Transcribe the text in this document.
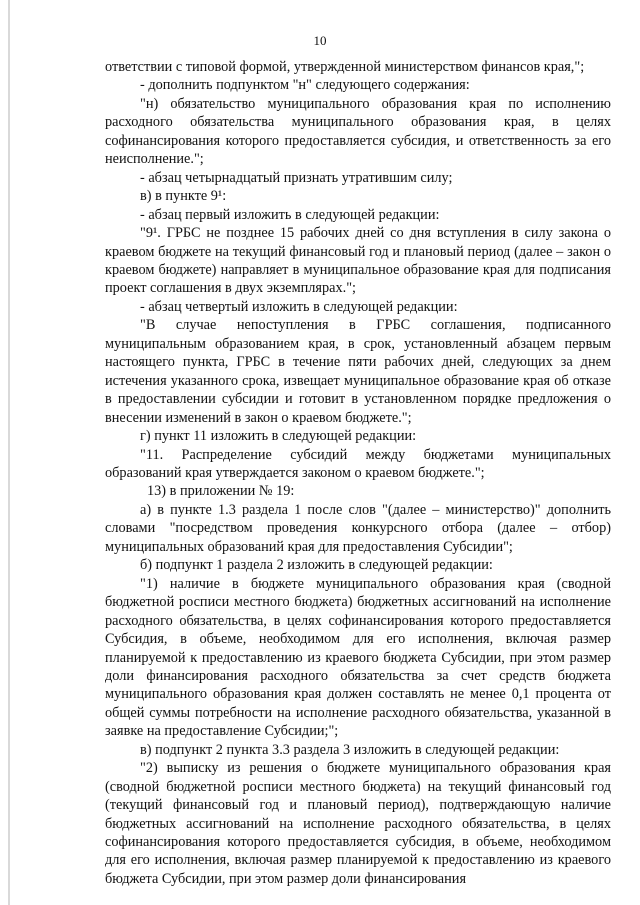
10

ответствии с типовой формой, утвержденной министерством финансов края,";

- дополнить подпунктом "н" следующего содержания:

"н) обязательство муниципального образования края по исполнению расходного обязательства муниципального образования края, в целях софинансирования которого предоставляется субсидия, и ответственность за его неисполнение.";

- абзац четырнадцатый признать утратившим силу;

в) в пункте 9¹:

- абзац первый изложить в следующей редакции:

"9¹. ГРБС не позднее 15 рабочих дней со дня вступления в силу закона о краевом бюджете на текущий финансовый год и плановый период (далее – закон о краевом бюджете) направляет в муниципальное образование края для подписания проект соглашения в двух экземплярах.";

- абзац четвертый изложить в следующей редакции:

"В случае непоступления в ГРБС соглашения, подписанного муниципальным образованием края, в срок, установленный абзацем первым настоящего пункта, ГРБС в течение пяти рабочих дней, следующих за днем истечения указанного срока, извещает муниципальное образование края об отказе в предоставлении субсидии и готовит в установленном порядке предложения о внесении изменений в закон о краевом бюджете.";

г) пункт 11 изложить в следующей редакции:

"11. Распределение субсидий между бюджетами муниципальных образований края утверждается законом о краевом бюджете.";

13) в приложении № 19:

а) в пункте 1.3 раздела 1 после слов "(далее – министерство)" дополнить словами "посредством проведения конкурсного отбора (далее – отбор) муниципальных образований края для предоставления Субсидии";

б) подпункт 1 раздела 2 изложить в следующей редакции:

"1) наличие в бюджете муниципального образования края (сводной бюджетной росписи местного бюджета) бюджетных ассигнований на исполнение расходного обязательства, в целях софинансирования которого предоставляется Субсидия, в объеме, необходимом для его исполнения, включая размер планируемой к предоставлению из краевого бюджета Субсидии, при этом размер доли финансирования расходного обязательства за счет средств бюджета муниципального образования края должен составлять не менее 0,1 процента от общей суммы потребности на исполнение расходного обязательства, указанной в заявке на предоставление Субсидии;";

в) подпункт 2 пункта 3.3 раздела 3 изложить в следующей редакции:

"2) выписку из решения о бюджете муниципального образования края (сводной бюджетной росписи местного бюджета) на текущий финансовый год (текущий финансовый год и плановый период), подтверждающую наличие бюджетных ассигнований на исполнение расходного обязательства, в целях софинансирования которого предоставляется субсидия, в объеме, необходимом для его исполнения, включая размер планируемой к предоставлению из краевого бюджета Субсидии, при этом размер доли финансирования
